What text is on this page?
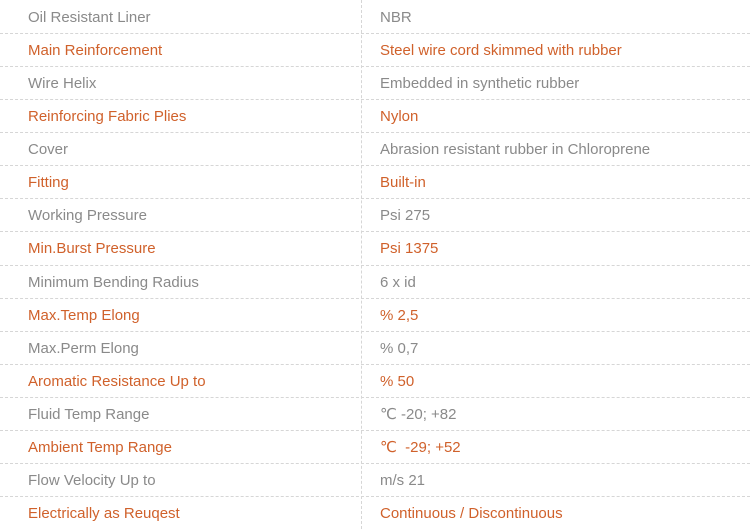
Oil Resistant Liner	NBR
Main Reinforcement	Steel wire cord skimmed with rubber
Wire Helix	Embedded in synthetic rubber
Reinforcing Fabric Plies	Nylon
Cover	Abrasion resistant rubber in Chloroprene
Fitting	Built-in
Working Pressure	Psi 275
Min.Burst Pressure	Psi 1375
Minimum Bending Radius	6 x id
Max.Temp Elong	% 2,5
Max.Perm Elong	% 0,7
Aromatic Resistance Up to	% 50
Fluid Temp Range	℃ -20; +82
Ambient Temp Range	℃  -29; +52
Flow Velocity Up to	m/s 21
Electrically as Reuqest	Continuous / Discontinuous
